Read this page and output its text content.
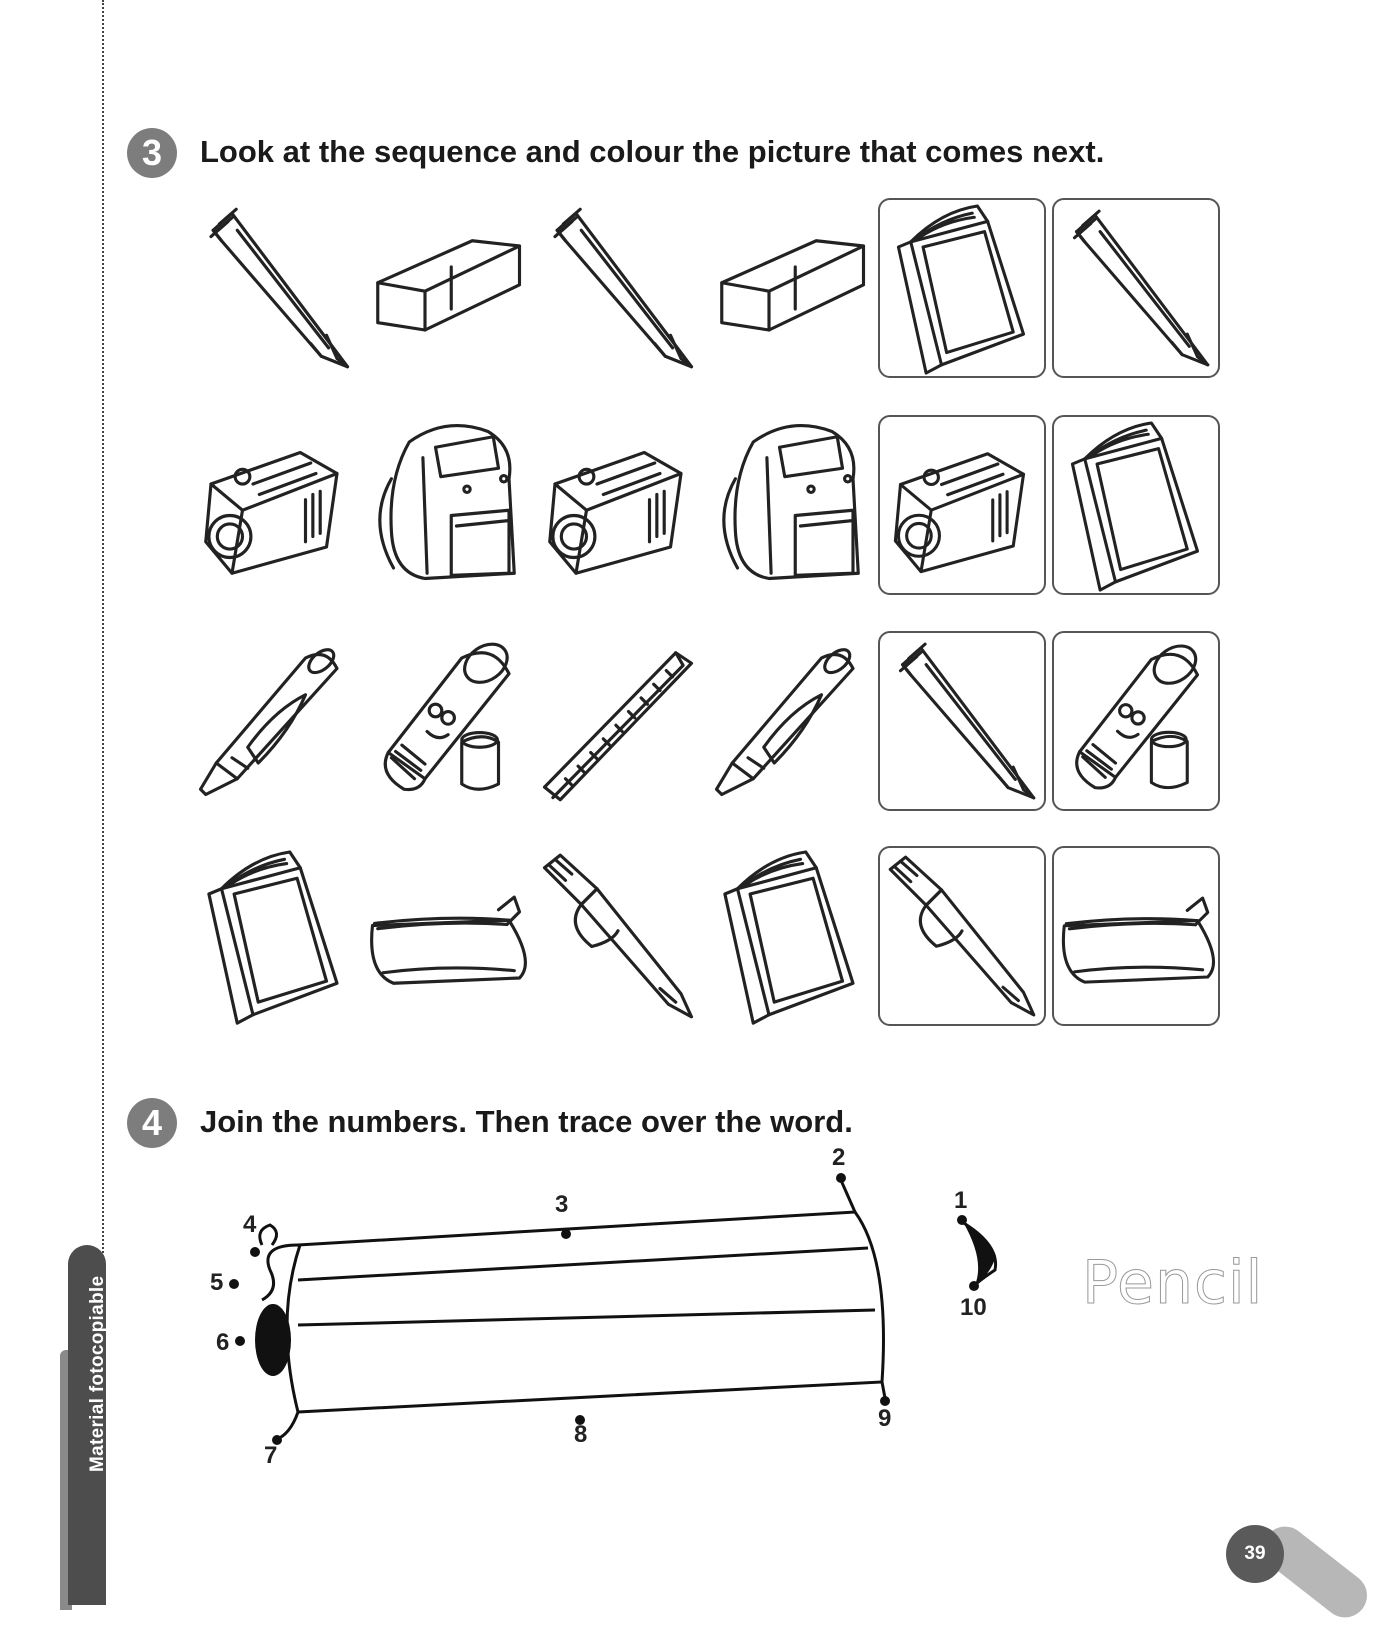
Material fotocopiable
3	Look at the sequence and colour the picture that comes next.
4	Join the numbers. Then trace over the word.
1
2
3
4
5
6
7
8
9
10 Pencil
39
